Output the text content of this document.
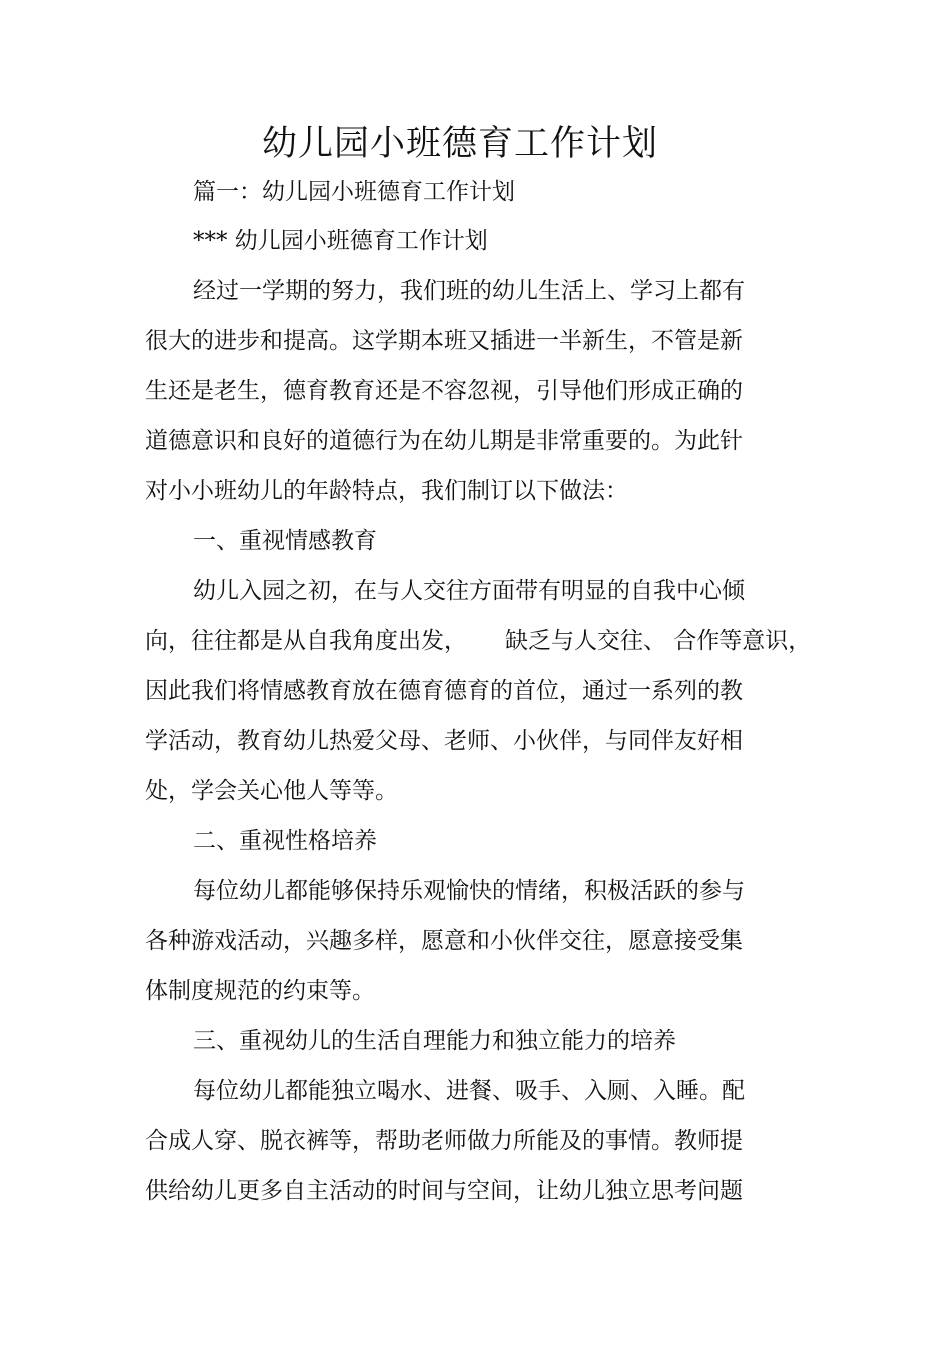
幼儿园小班德育工作计划
篇一：幼儿园小班德育工作计划
*** 幼儿园小班德育工作计划
经过一学期的努力，我们班的幼儿生活上、学习上都有
很大的进步和提高。这学期本班又插进一半新生，不管是新
生还是老生，德育教育还是不容忽视，引导他们形成正确的
道德意识和良好的道德行为在幼儿期是非常重要的。为此针
对小小班幼儿的年龄特点，我们制订以下做法：
一、重视情感教育
幼儿入园之初，在与人交往方面带有明显的自我中心倾
向，往往都是从自我角度出发， 缺乏与人交往、 合作等意识，
因此我们将情感教育放在德育德育的首位，通过一系列的教
学活动，教育幼儿热爱父母、老师、小伙伴，与同伴友好相
处，学会关心他人等等。
二、重视性格培养
每位幼儿都能够保持乐观愉快的情绪，积极活跃的参与
各种游戏活动，兴趣多样，愿意和小伙伴交往，愿意接受集
体制度规范的约束等。
三、重视幼儿的生活自理能力和独立能力的培养
每位幼儿都能独立喝水、进餐、吸手、入厕、入睡。配
合成人穿、脱衣裤等，帮助老师做力所能及的事情。教师提
供给幼儿更多自主活动的时间与空间，让幼儿独立思考问题
